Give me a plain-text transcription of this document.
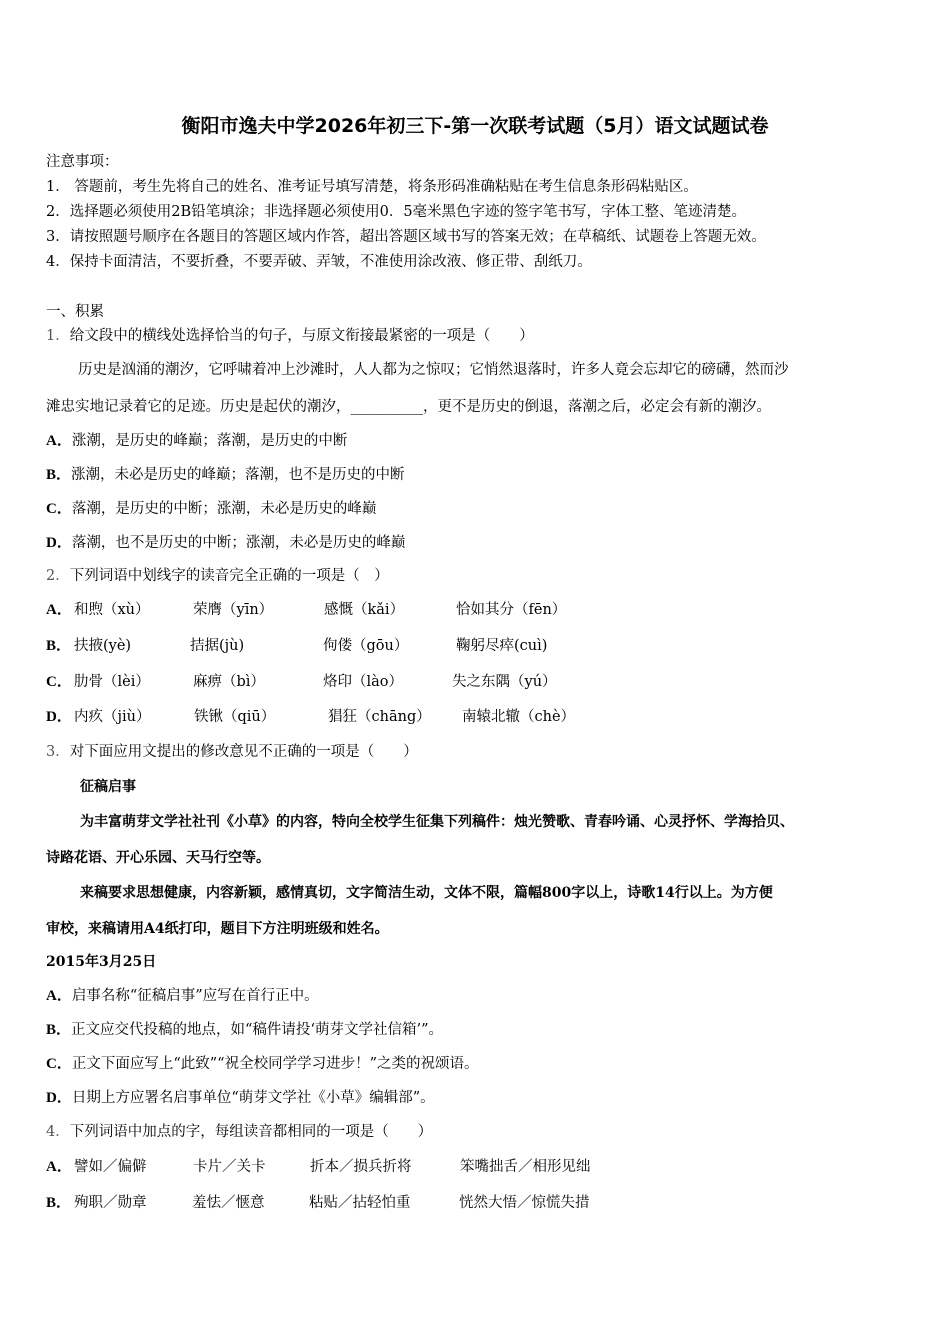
衡阳市逸夫中学2026年初三下-第一次联考试题（5月）语文试题试卷
注意事项：
1． 答题前，考生先将自己的姓名、准考证号填写清楚，将条形码准确粘贴在考生信息条形码粘贴区。
2．选择题必须使用2B铅笔填涂；非选择题必须使用0．5毫米黑色字迹的签字笔书写，字体工整、笔迹清楚。
3．请按照题号顺序在各题目的答题区域内作答，超出答题区域书写的答案无效；在草稿纸、试题卷上答题无效。
4．保持卡面清洁，不要折叠，不要弄破、弄皱，不准使用涂改液、修正带、刮纸刀。
一、积累
1．给文段中的横线处选择恰当的句子，与原文衔接最紧密的一项是（　　）
历史是汹涌的潮汐，它呼啸着冲上沙滩时，人人都为之惊叹；它悄然退落时，许多人竟会忘却它的磅礴，然而沙
滩忠实地记录着它的足迹。历史是起伏的潮汐，__________，更不是历史的倒退，落潮之后，必定会有新的潮汐。
A．涨潮，是历史的峰巅；落潮，是历史的中断
B．涨潮，未必是历史的峰巅；落潮，也不是历史的中断
C．落潮，是历史的中断；涨潮，未必是历史的峰巅
D．落潮，也不是历史的中断；涨潮，未必是历史的峰巅
2．下列词语中划线字的读音完全正确的一项是（　）
A． 和煦（xù）	荣膺（yīn）	感慨（kǎi）	恰如其分（fēn）
B． 扶掖(yè)	拮据(jù)	佝偻（gōu）	鞠躬尽瘁(cuì)
C． 肋骨（lèi）	麻痹（bì）	烙印（lào）	失之东隅（yú）
D． 内疚（jiù）	铁锹（qiū）	猖狂（chāng） 南辕北辙（chè）
3．对下面应用文提出的修改意见不正确的一项是（　　）
征稿启事
为丰富萌芽文学社社刊《小草》的内容，特向全校学生征集下列稿件：烛光赞歌、青春吟诵、心灵抒怀、学海拾贝、
诗路花语、开心乐园、天马行空等。
来稿要求思想健康，内容新颖，感情真切，文字简洁生动，文体不限，篇幅800字以上，诗歌14行以上。为方便
审校，来稿请用A4纸打印，题目下方注明班级和姓名。
2015年3月25日
A．启事名称“征稿启事”应写在首行正中。
B．正文应交代投稿的地点，如“稿件请投‘萌芽文学社信箱’”。
C．正文下面应写上“此致”“祝全校同学学习进步！”之类的祝颂语。
D．日期上方应署名启事单位“萌芽文学社《小草》编辑部”。
4．下列词语中加点的字，每组读音都相同的一项是（　　）
A． 譬如／偏僻	卡片／关卡	折本／损兵折将	笨嘴拙舌／相形见绌
B． 殉职／勋章	羞怯／惬意	粘贴／拈轻怕重	恍然大悟／惊慌失措
